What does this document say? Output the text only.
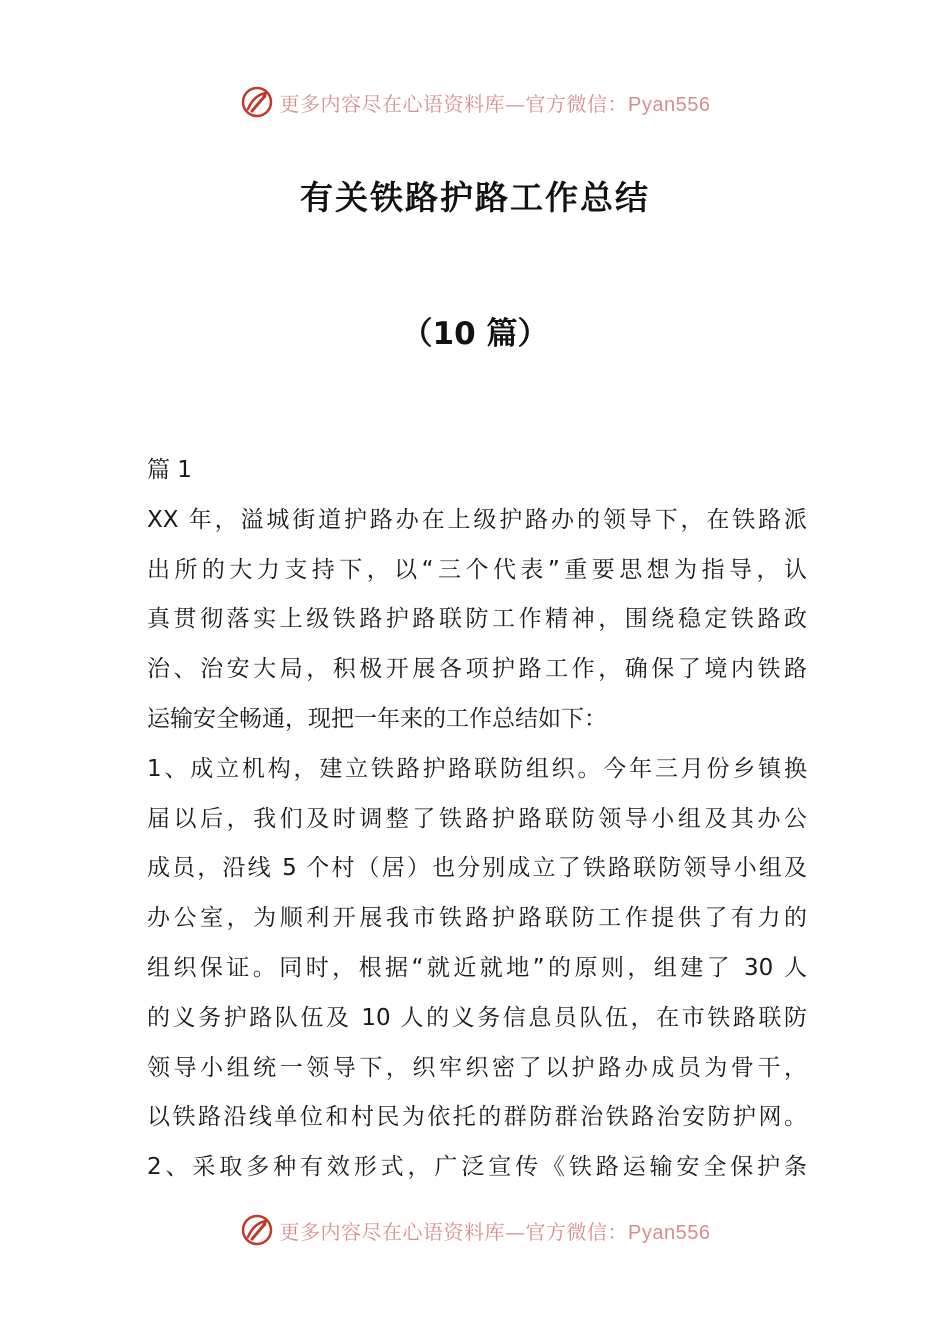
更多内容尽在心语资料库—官方微信：Pyan556
有关铁路护路工作总结
（10 篇）
篇 1
XX 年，溢城街道护路办在上级护路办的领导下，在铁路派
出所的大力支持下，以“三个代表”重要思想为指导，认
真贯彻落实上级铁路护路联防工作精神，围绕稳定铁路政
治、治安大局，积极开展各项护路工作，确保了境内铁路
运输安全畅通，现把一年来的工作总结如下：
1、成立机构，建立铁路护路联防组织。今年三月份乡镇换
届以后，我们及时调整了铁路护路联防领导小组及其办公
成员，沿线 5 个村（居）也分别成立了铁路联防领导小组及
办公室，为顺利开展我市铁路护路联防工作提供了有力的
组织保证。同时，根据“就近就地”的原则，组建了 30 人
的义务护路队伍及 10 人的义务信息员队伍，在市铁路联防
领导小组统一领导下，织牢织密了以护路办成员为骨干，
以铁路沿线单位和村民为依托的群防群治铁路治安防护网。
2、采取多种有效形式，广泛宣传《铁路运输安全保护条
更多内容尽在心语资料库—官方微信：Pyan556
